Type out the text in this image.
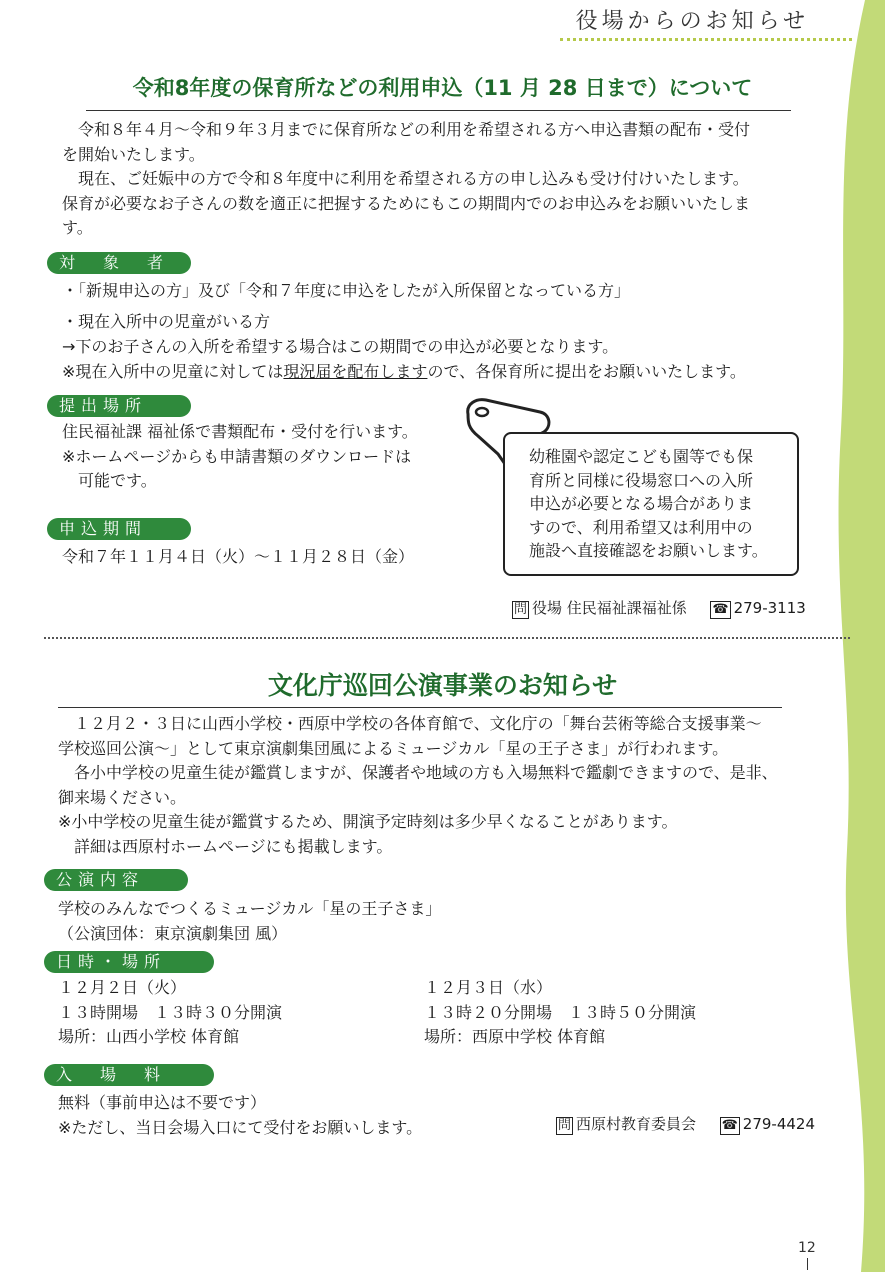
役場からのお知らせ
令和8年度の保育所などの利用申込（11 月 28 日まで）について
　令和８年４月～令和９年３月までに保育所などの利用を希望される方へ申込書類の配布・受付
を開始いたします。
　現在、ご妊娠中の方で令和８年度中に利用を希望される方の申し込みも受け付けいたします。
保育が必要なお子さんの数を適正に把握するためにもこの期間内でのお申込みをお願いいたしま
す。
対　象　者
・「新規申込の方」及び「令和７年度に申込をしたが入所保留となっている方」
・現在入所中の児童がいる方
→下のお子さんの入所を希望する場合はこの期間での申込が必要となります。
※現在入所中の児童に対しては現況届を配布しますので、各保育所に提出をお願いいたします。
提出場所
住民福祉課 福祉係で書類配布・受付を行います。
※ホームページからも申請書類のダウンロードは
　可能です。
申込期間
令和７年１１月４日（火）～１１月２８日（金）
幼稚園や認定こども園等でも保
育所と同様に役場窓口への入所
申込が必要となる場合がありま
すので、利用希望又は利用中の
施設へ直接確認をお願いします。
問 役場 住民福祉課福祉係 ☎ 279-3113
文化庁巡回公演事業のお知らせ
　１２月２・３日に山西小学校・西原中学校の各体育館で、文化庁の「舞台芸術等総合支援事業～
学校巡回公演～」として東京演劇集団風によるミュージカル「星の王子さま」が行われます。
　各小中学校の児童生徒が鑑賞しますが、保護者や地域の方も入場無料で鑑劇できますので、是非、
御来場ください。
※小中学校の児童生徒が鑑賞するため、開演予定時刻は多少早くなることがあります。
　詳細は西原村ホームページにも掲載します。
公演内容
学校のみんなでつくるミュージカル「星の王子さま」
（公演団体：東京演劇集団 風）
日時・場所
１２月２日（火）
１３時開場　１３時３０分開演
場所：山西小学校 体育館
１２月３日（水）
１３時２０分開場　１３時５０分開演
場所：西原中学校 体育館
入　場　料
無料（事前申込は不要です）
※ただし、当日会場入口にて受付をお願いします。	問 西原村教育委員会 ☎ 279-4424
12
